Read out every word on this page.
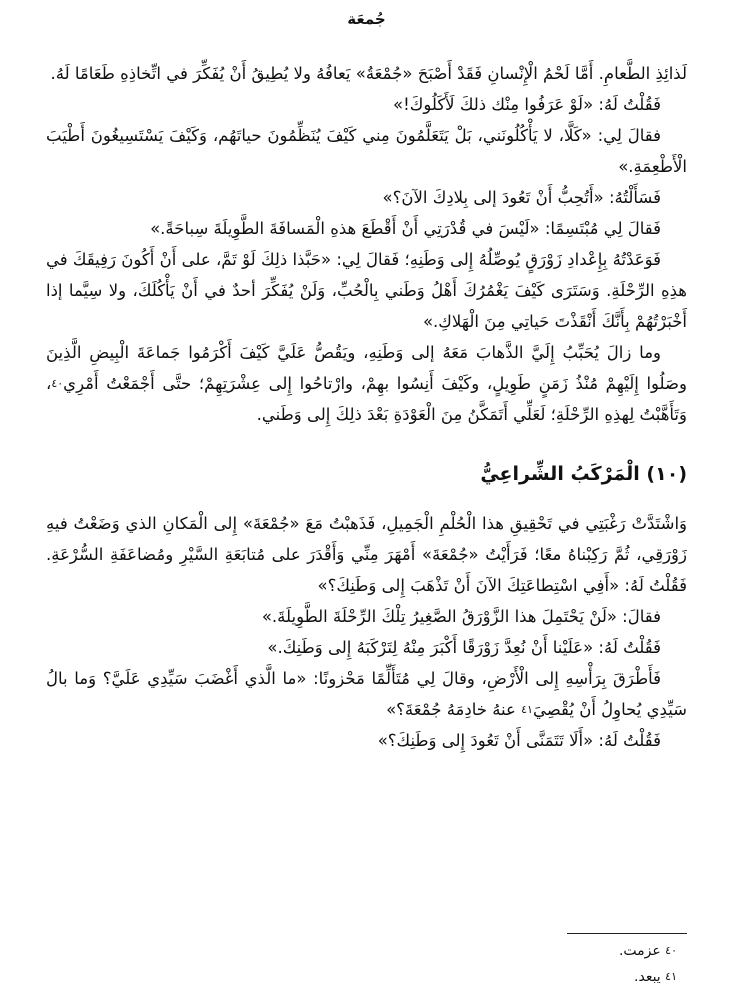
جُمعَة

لَذائِذِ الطَّعامِ. أَمَّا لَحْمُ الْإِنْسانِ فَقَدْ أَصْبَحَ «جُمْعَةُ» يَعافُهُ ولا يُطِيقُ أَنْ يُفَكِّرَ في اتِّخاذِهِ طَعَامًا لَهُ.

فَقُلْتُ لَهُ: «لَوْ عَرَفُوا مِنْك ذلكَ لَأَكَلُوكَ!»

فقالَ لِي: «كَلَّا، لا يَأْكُلُونَني، بَلْ يَتَعَلَّمُونَ مِني كَيْفَ يُنَظِّمُونَ حياتَهُم، وَكَيْفَ يَسْتَسِيغُونَ أَطْيَبَ الْأَطْعِمَةِ.»

فَسَأَلْتُهُ: «أَتُحِبُّ أَنْ تَعُودَ إلى بِلادِكَ الآنَ؟»

فَقالَ لِي مُبْتَسِمًا: «لَيْسَ في قُدْرَتِي أَنْ أَقْطَعَ هذهِ الْمَسافَةَ الطَّوِيلَةَ سِباحَةً.»

فَوَعَدْتُهُ بِإِعْدادِ زَوْرَقٍ يُوصِّلُهُ إِلى وَطَنِهِ؛ فَقالَ لِي: «حَبَّذا ذلِكَ لَوْ تَمَّ، على أَنْ أَكُونَ رَفِيقَكَ في هذِهِ الرِّحْلَةِ. وَسَتَرَى كَيْفَ يَغْمُرُكَ أَهْلُ وَطَني بِالْحُبِّ، وَلَنْ يُفَكِّرَ أحدٌ في أَنْ يَأْكُلَكَ، ولا سِيَّما إذا أَخْبَرْتُهُمْ بِأَنَّكَ أَنْقَذْتَ حَياتِي مِنَ الْهَلاكِ.»

وما زالَ يُحَبِّبُ إِلَيَّ الذَّهابَ مَعَهُ إلى وَطَنِهِ، ويَقُصُّ عَلَيَّ كَيْفَ أَكْرَمُوا جَماعَةَ الْبِيضِ الَّذِينَ وصَلُوا إِلَيْهِمْ مُنْذُ زَمَنٍ طَوِيلٍ، وكَيْفَ أَنِسُوا بهِمْ، وارْتاحُوا إِلى عِشْرَتِهِمْ؛ حتَّى أَجْمَعْتُ أَمْرِي$^{٤٠}$، وَتَأَهَّبْتُ لِهذِهِ الرِّحْلَةِ؛ لَعَلِّي أَتَمَكَّنُ مِنَ الْعَوْدَةِ بَعْدَ ذلِكَ إِلى وَطَني.

(١٠) الْمَرْكَبُ الشِّراعِيُّ

وَاشْتَدَّتْ رَغْبَتِي في تَحْقِيقِ هذا الْحُلْمِ الْجَمِيلِ، فَذَهبْتُ مَعَ «جُمْعَةَ» إِلى الْمَكانِ الذي وَضَعْتُ فيهِ زَوْرَقِي، ثُمَّ رَكِبْناهُ معًا؛ فَرَأَيْتُ «جُمْعَةَ» أَمْهَرَ مِنِّي وَأَقْدَرَ على مُتابَعَةِ السَّيْرِ ومُضاعَفَةِ السُّرْعَةِ. فَقُلْتُ لَهُ: «أَفِي اسْتِطاعَتِكَ الآنَ أَنْ تَذْهَبَ إِلى وَطَنِكَ؟»

فقالَ: «لَنْ يَحْتَمِلَ هذا الزَّوْرَقُ الصَّغِيرُ تِلْكَ الرِّحْلَةَ الطَّوِيلَةَ.»

فَقُلْتُ لَهُ: «عَلَيْنا أَنْ نُعِدَّ زَوْرَقًا أَكْبَرَ مِنْهُ لِتَرْكَبَهُ إِلى وَطَنِكَ.»

فَأَطْرَقَ بِرَأْسِهِ إِلى الْأَرْضِ، وقالَ لِي مُتَأَلِّمًا مَحْزونًا: «ما الَّذي أَغْضَبَ سَيِّدِي عَلَيَّ؟ وَما بالُ سَيِّدِي يُحاوِلُ أَنْ يُقْصِيَ$^{٤١}$ عنهُ خادِمَهُ جُمْعَةَ؟»

فَقُلْتُ لَهُ: «أَلَا تَتَمَنَّى أَنْ تَعُودَ إِلى وَطَنِكَ؟»

$^{٤٠}$ عزمت.
$^{٤١}$ يبعد.
